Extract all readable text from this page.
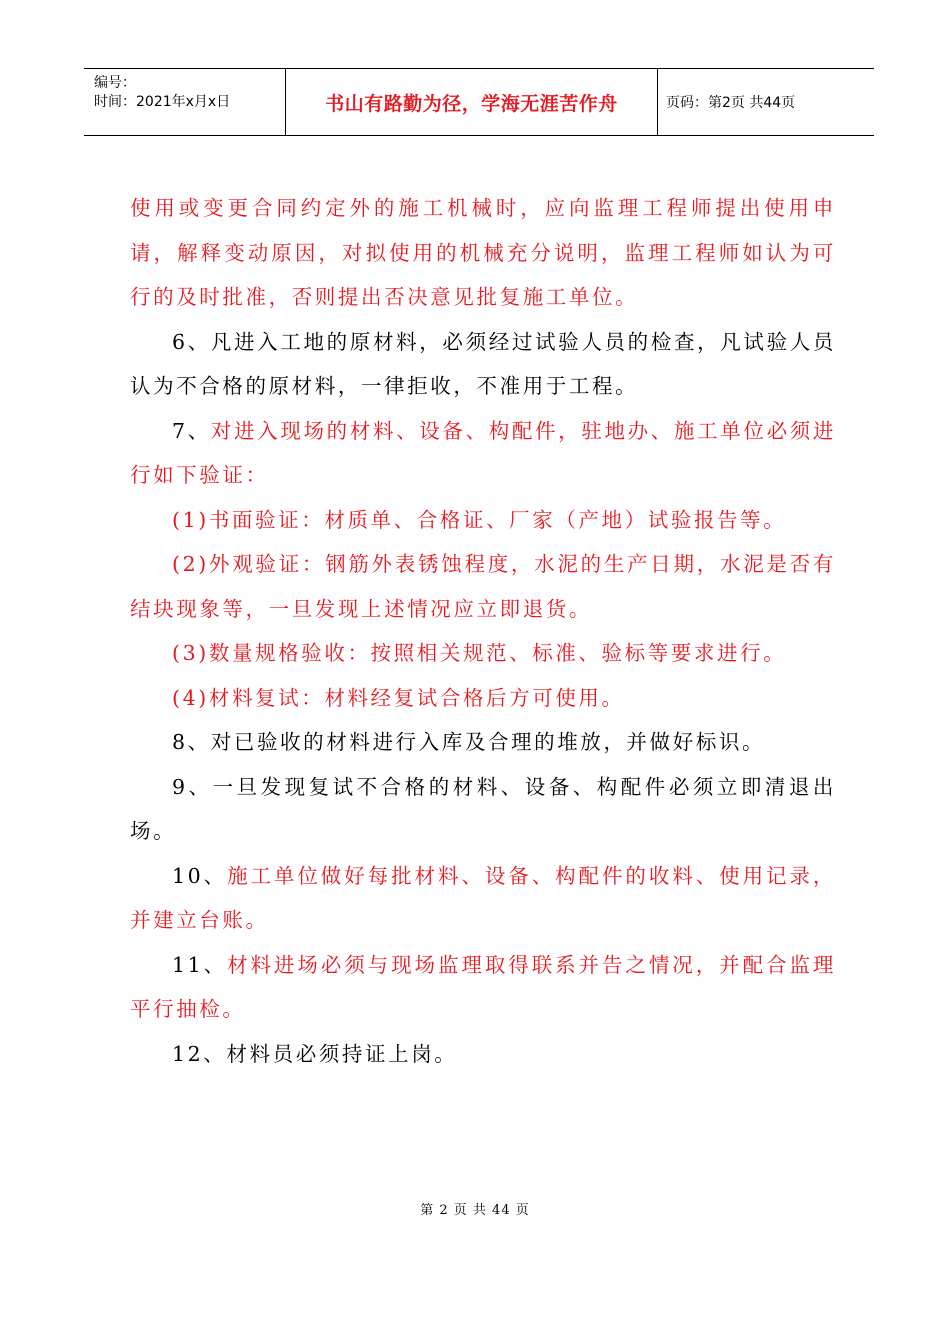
编号：
时间：2021年x月x日	书山有路勤为径，学海无涯苦作舟	页码：第2页 共44页

使用或变更合同约定外的施工机械时，应向监理工程师提出使用申请，解释变动原因，对拟使用的机械充分说明，监理工程师如认为可行的及时批准，否则提出否决意见批复施工单位。

6、凡进入工地的原材料，必须经过试验人员的检查，凡试验人员认为不合格的原材料，一律拒收，不准用于工程。

7、对进入现场的材料、设备、构配件，驻地办、施工单位必须进行如下验证：

(1)书面验证：材质单、合格证、厂家（产地）试验报告等。

(2)外观验证：钢筋外表锈蚀程度，水泥的生产日期，水泥是否有结块现象等，一旦发现上述情况应立即退货。

(3)数量规格验收：按照相关规范、标准、验标等要求进行。

(4)材料复试：材料经复试合格后方可使用。

8、对已验收的材料进行入库及合理的堆放，并做好标识。

9、一旦发现复试不合格的材料、设备、构配件必须立即清退出场。

10、施工单位做好每批材料、设备、构配件的收料、使用记录，并建立台账。

11、材料进场必须与现场监理取得联系并告之情况，并配合监理平行抽检。

12、材料员必须持证上岗。

第 2 页 共 44 页
